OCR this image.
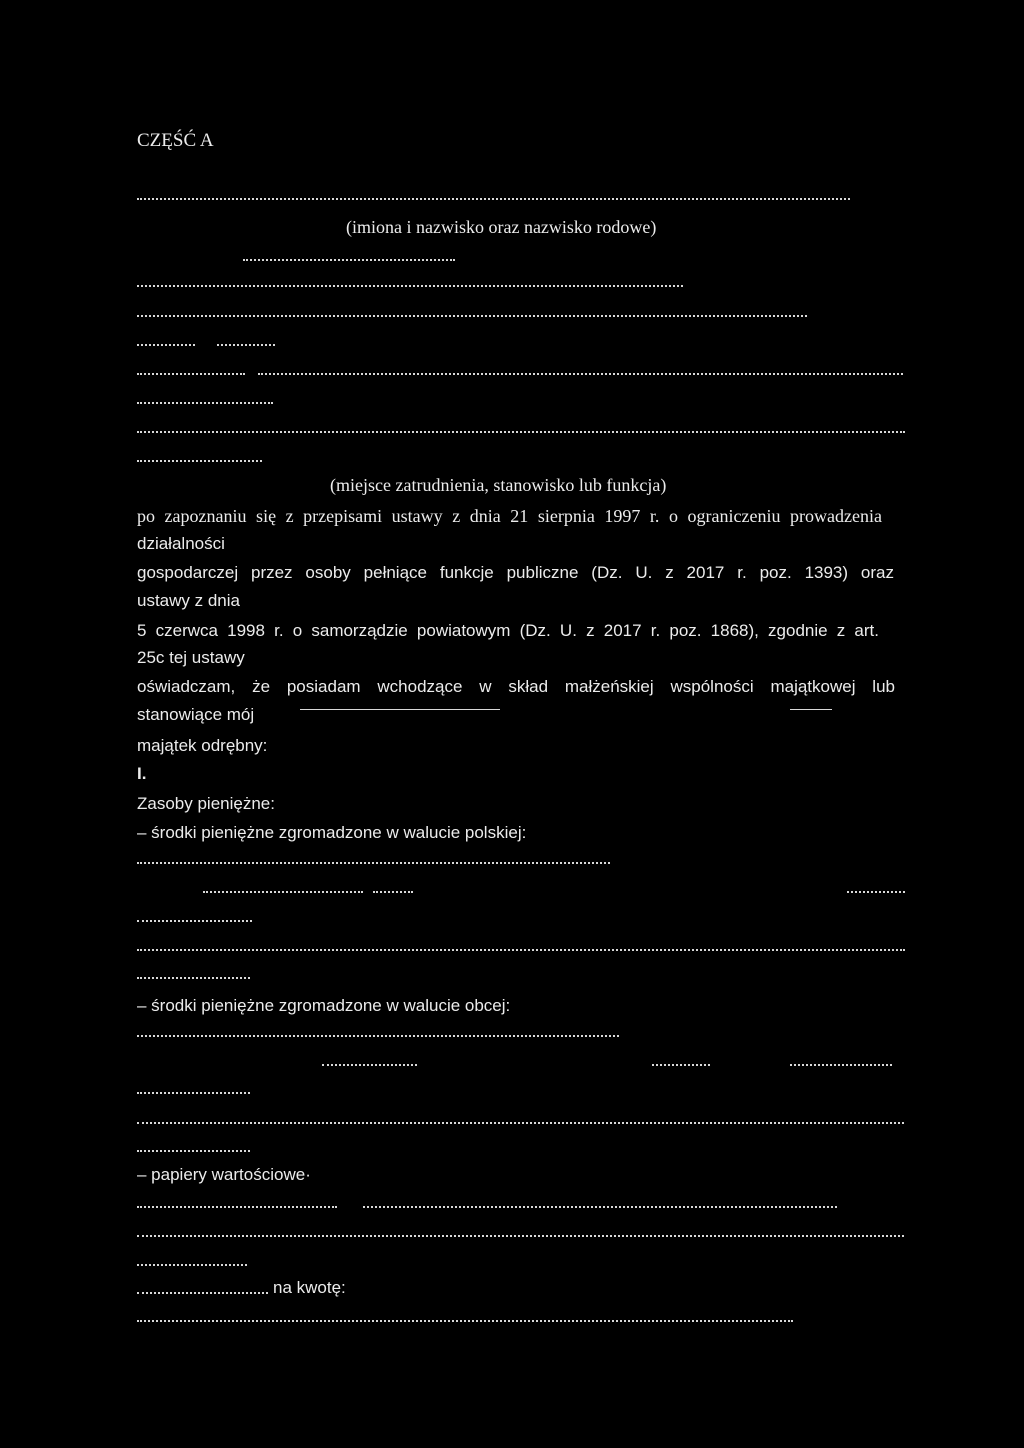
CZĘŚĆ A
(imiona i nazwisko oraz nazwisko rodowe)
(miejsce zatrudnienia, stanowisko lub funkcja)
po zapoznaniu się z przepisami ustawy z dnia 21 sierpnia 1997 r. o ograniczeniu prowadzenia
działalności
gospodarczej przez osoby pełniące funkcje publiczne (Dz. U. z 2017 r. poz. 1393) oraz
ustawy z dnia
5 czerwca 1998 r. o samorządzie powiatowym (Dz. U. z 2017 r. poz. 1868), zgodnie z art.
25c tej ustawy
oświadczam, że posiadam wchodzące w skład małżeńskiej wspólności majątkowej lub
stanowiące mój
majątek odrębny:
I.
Zasoby pieniężne:
– środki pieniężne zgromadzone w walucie polskiej:
– środki pieniężne zgromadzone w walucie obcej:
– papiery wartościowe·
na kwotę:
